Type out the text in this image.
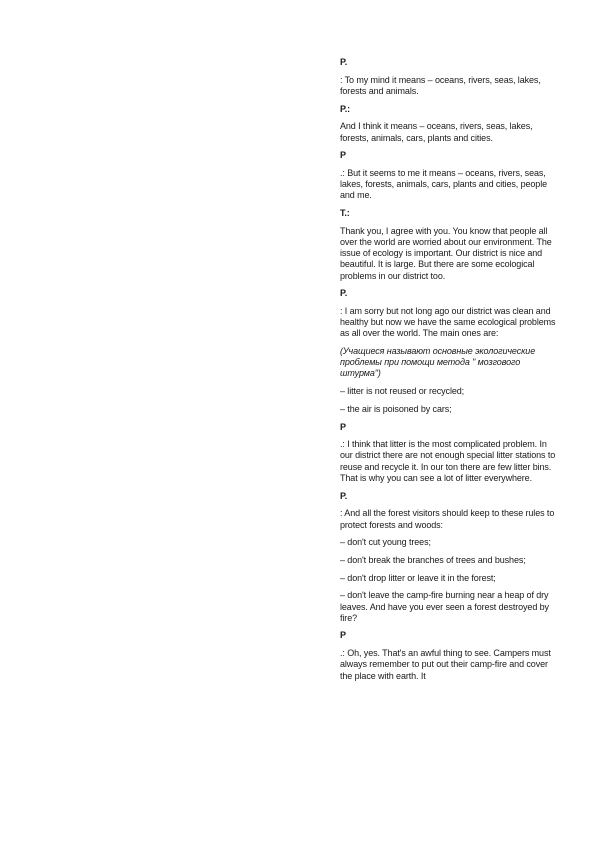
P.
: To my mind it means – oceans, rivers, seas, lakes, forests and animals.
P.:
And I think it means – oceans, rivers, seas, lakes, forests, animals, cars, plants and cities.
P
.: But it seems to me it means – oceans, rivers, seas, lakes, forests, animals, cars, plants and cities, people and me.
T.:
Thank you, I agree with you. You know that people all over the world are worried about our environment. The issue of ecology is important. Our district is nice and beautiful. It is large. But there are some ecological problems in our district too.
P.
: I am sorry but not long ago our district was clean and healthy but now we have the same ecological problems as all over the world. The main ones are:
(Учащиеся называют основные экологические проблемы при помощи метода " мозгового штурма")
– litter is not reused or recycled;
– the air is poisoned by cars;
P
.: I think that litter is the most complicated problem. In our district there are not enough special litter stations to reuse and recycle it. In our ton there are few litter bins. That is why you can see a lot of litter everywhere.
P.
: And all the forest visitors should keep to these rules to protect forests and woods:
– don't cut young trees;
– don't break the branches of trees and bushes;
– don't drop litter or leave it in the forest;
– don't leave the camp-fire burning near a heap of dry leaves. And have you ever seen a forest destroyed by fire?
P
.: Oh, yes. That's an awful thing to see. Campers must always remember to put out their camp-fire and cover the place with earth. It
